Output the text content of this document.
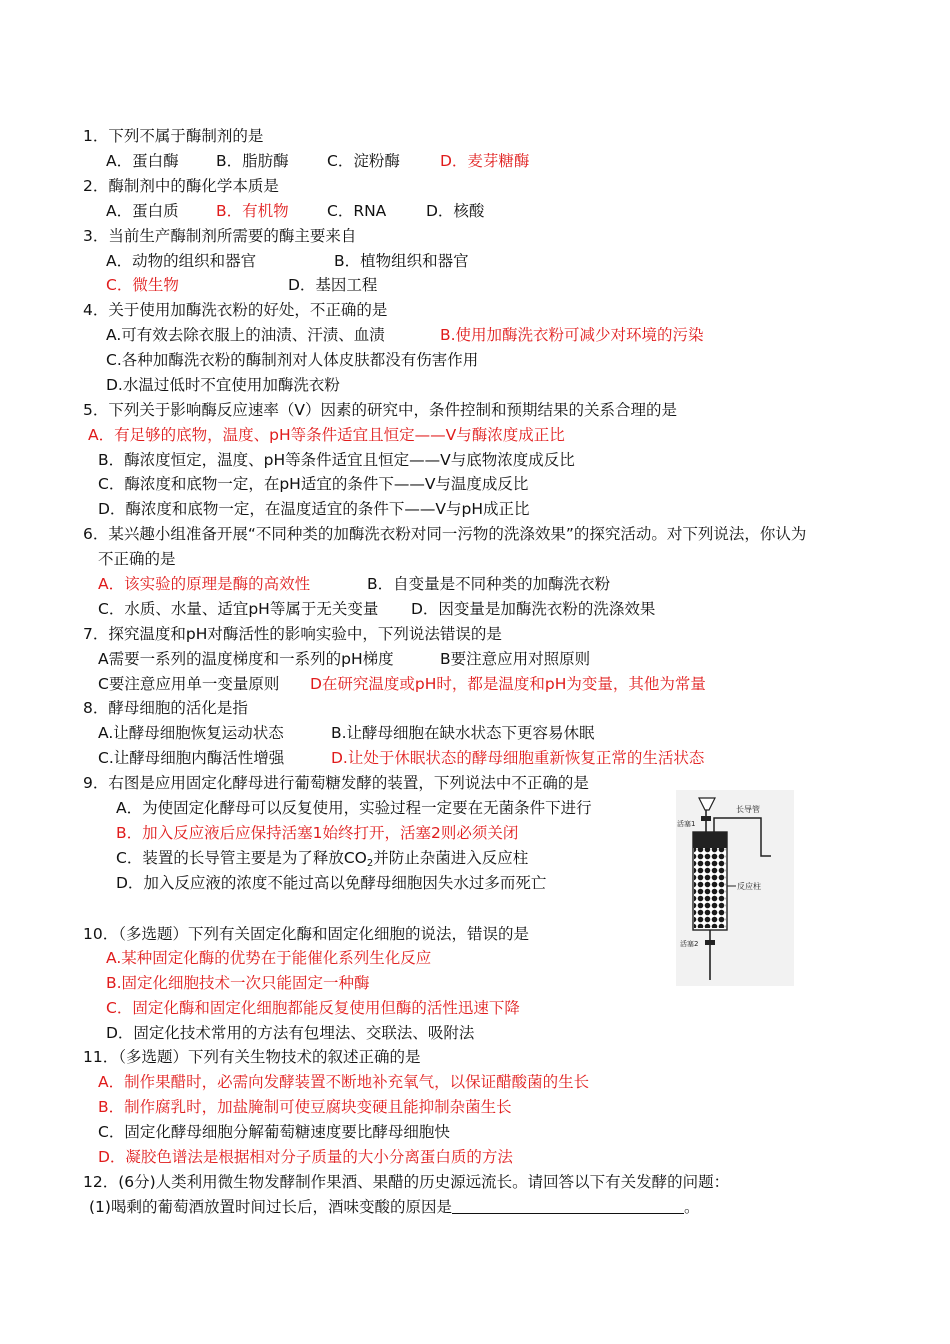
1．下列不属于酶制剂的是
A．蛋白酶 B．脂肪酶 C．淀粉酶	D．麦芽糖酶
2．酶制剂中的酶化学本质是
A．蛋白质 B．有机物 C．RNA	D．核酸
3．当前生产酶制剂所需要的酶主要来自
A．动物的组织和器官	B．植物组织和器官
C．微生物	D．基因工程
4．关于使用加酶洗衣粉的好处，不正确的是
A.可有效去除衣服上的油渍、汗渍、血渍	B.使用加酶洗衣粉可减少对环境的污染
C.各种加酶洗衣粉的酶制剂对人体皮肤都没有伤害作用
D.水温过低时不宜使用加酶洗衣粉
5．下列关于影响酶反应速率（V）因素的研究中，条件控制和预期结果的关系合理的是
A．有足够的底物，温度、pH等条件适宜且恒定——V与酶浓度成正比
B．酶浓度恒定，温度、pH等条件适宜且恒定——V与底物浓度成反比
C．酶浓度和底物一定，在pH适宜的条件下——V与温度成反比
D．酶浓度和底物一定，在温度适宜的条件下——V与pH成正比
6．某兴趣小组准备开展“不同种类的加酶洗衣粉对同一污物的洗涤效果”的探究活动。对下列说法，你认为
不正确的是
A．该实验的原理是酶的高效性	B．自变量是不同种类的加酶洗衣粉
C．水质、水量、适宜pH等属于无关变量 D．因变量是加酶洗衣粉的洗涤效果
7．探究温度和pH对酶活性的影响实验中，下列说法错误的是
A需要一系列的温度梯度和一系列的pH梯度	B要注意应用对照原则
C要注意应用单一变量原则 D在研究温度或pH时，都是温度和pH为变量，其他为常量
8．酵母细胞的活化是指
A.让酵母细胞恢复运动状态	B.让酵母细胞在缺水状态下更容易休眠
C.让酵母细胞内酶活性增强	D.让处于休眠状态的酵母细胞重新恢复正常的生活状态
9．右图是应用固定化酵母进行葡萄糖发酵的装置，下列说法中不正确的是
A．为使固定化酵母可以反复使用，实验过程一定要在无菌条件下进行
B．加入反应液后应保持活塞1始终打开，活塞2则必须关闭
C．装置的长导管主要是为了释放$CO_2$并防止杂菌进入反应柱
D．加入反应液的浓度不能过高以免酵母细胞因失水过多而死亡
长导管
活塞1
反应柱
活塞2
10．（多选题）下列有关固定化酶和固定化细胞的说法，错误的是
A.某种固定化酶的优势在于能催化系列生化反应
B.固定化细胞技术一次只能固定一种酶
C．固定化酶和固定化细胞都能反复使用但酶的活性迅速下降
D．固定化技术常用的方法有包埋法、交联法、吸附法
11．（多选题）下列有关生物技术的叙述正确的是
A．制作果醋时，必需向发酵装置不断地补充氧气，以保证醋酸菌的生长
B．制作腐乳时，加盐腌制可使豆腐块变硬且能抑制杂菌生长
C．固定化酵母细胞分解葡萄糖速度要比酵母细胞快
D．凝胶色谱法是根据相对分子质量的大小分离蛋白质的方法
12．(6分)人类利用微生物发酵制作果酒、果醋的历史源远流长。请回答以下有关发酵的问题：
(1)喝剩的葡萄酒放置时间过长后，酒味变酸的原因是	。
